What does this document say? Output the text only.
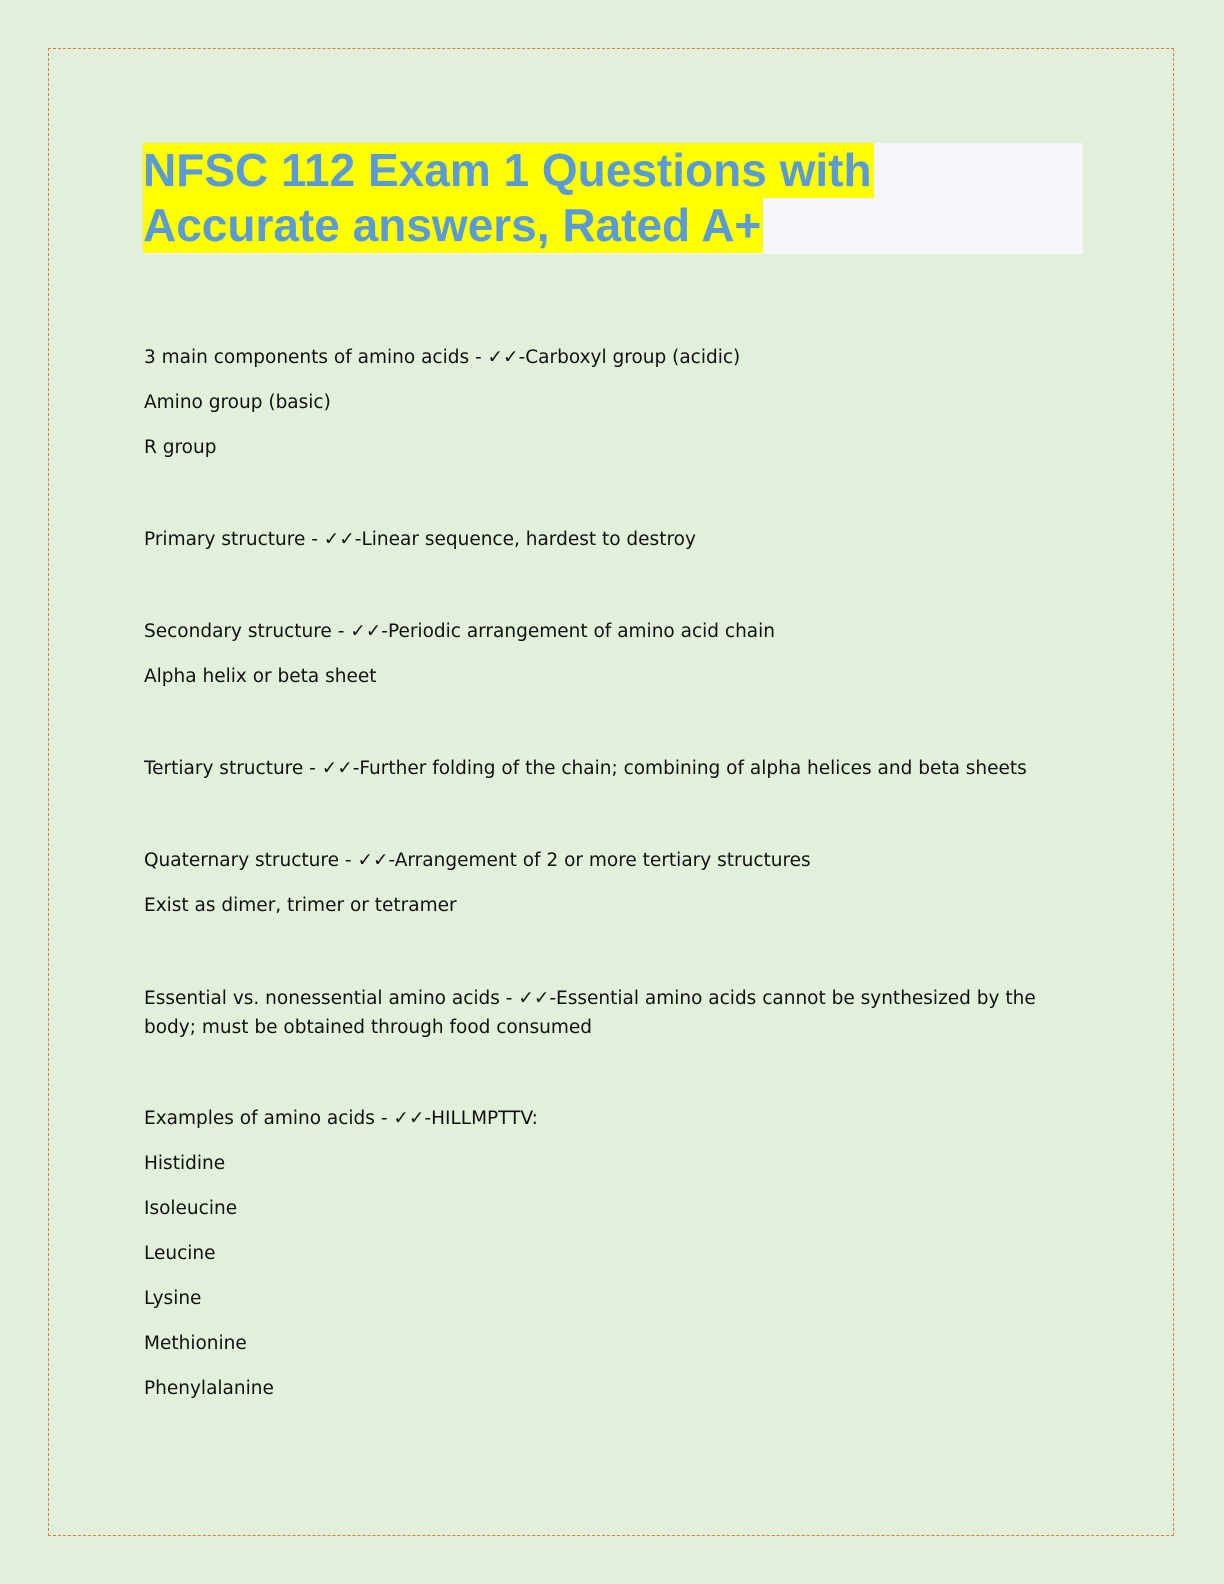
NFSC 112 Exam 1 Questions with
Accurate answers, Rated A+
3 main components of amino acids - ✓✓-Carboxyl group (acidic)
Amino group (basic)
R group
Primary structure - ✓✓-Linear sequence, hardest to destroy
Secondary structure - ✓✓-Periodic arrangement of amino acid chain
Alpha helix or beta sheet
Tertiary structure - ✓✓-Further folding of the chain; combining of alpha helices and beta sheets
Quaternary structure - ✓✓-Arrangement of 2 or more tertiary structures
Exist as dimer, trimer or tetramer
Essential vs. nonessential amino acids - ✓✓-Essential amino acids cannot be synthesized by the body; must be obtained through food consumed
Examples of amino acids - ✓✓-HILLMPTTV:
Histidine
Isoleucine
Leucine
Lysine
Methionine
Phenylalanine
